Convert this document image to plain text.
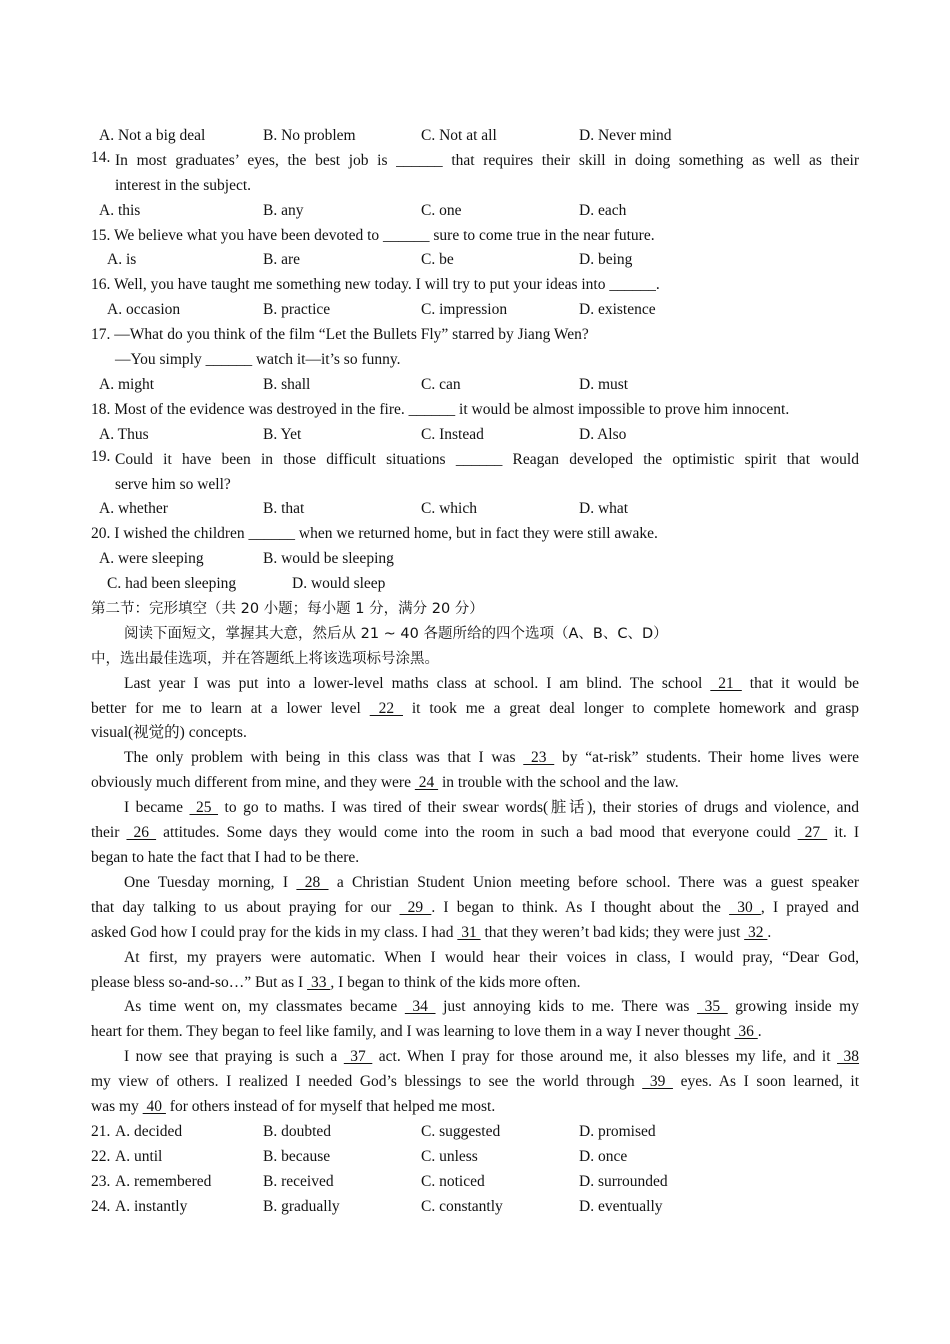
A. Not a big deal	B. No problem	C. Not at all	D. Never mind
14. In most graduates’ eyes, the best job is ______ that requires their skill in doing something as well as their
interest in the subject.
A. this	B. any	C. one	D. each
15. We believe what you have been devoted to ______ sure to come true in the near future.
A. is	B. are	C. be	D. being
16. Well, you have taught me something new today. I will try to put your ideas into ______.
A. occasion	B. practice	C. impression	D. existence
17. —What do you think of the film “Let the Bullets Fly” starred by Jiang Wen?
—You simply ______ watch it—it’s so funny.
A. might	B. shall	C. can	D. must
18. Most of the evidence was destroyed in the fire. ______ it would be almost impossible to prove him innocent.
A. Thus	B. Yet	C. Instead	D. Also
19. Could it have been in those difficult situations ______ Reagan developed the optimistic spirit that would
serve him so well?
A. whether	B. that	C. which	D. what
20. I wished the children ______ when we returned home, but in fact they were still awake.
A. were sleeping	B. would be sleeping
C. had been sleeping	D. would sleep
第二节：完形填空（共 20 小题；每小题 1 分，满分 20 分）
阅读下面短文，掌握其大意，然后从 21 ~ 40 各题所给的四个选项（A、B、C、D）
中，选出最佳选项，并在答题纸上将该选项标号涂黑。
Last year I was put into a lower-level maths class at school. I am blind. The school  21  that it would be
better for me to learn at a lower level  22  it took me a great deal longer to complete homework and grasp
visual(视觉的) concepts.
The only problem with being in this class was that I was  23  by “at-risk” students. Their home lives were
obviously much different from mine, and they were  24  in trouble with the school and the law.
I became  25  to go to maths. I was tired of their swear words(脏话), their stories of drugs and violence, and
their  26  attitudes. Some days they would come into the room in such a bad mood that everyone could  27  it. I
began to hate the fact that I had to be there.
One Tuesday morning, I  28  a Christian Student Union meeting before school. There was a guest speaker
that day talking to us about praying for our  29 . I began to think. As I thought about the  30 , I prayed and
asked God how I could pray for the kids in my class. I had  31  that they weren’t bad kids; they were just  32 .
At first, my prayers were automatic. When I would hear their voices in class, I would pray, “Dear God,
please bless so-and-so…” But as I  33 , I began to think of the kids more often.
As time went on, my classmates became  34  just annoying kids to me. There was  35  growing inside my
heart for them. They began to feel like family, and I was learning to love them in a way I never thought  36 .
I now see that praying is such a  37  act. When I pray for those around me, it also blesses my life, and it  38
my view of others. I realized I needed God’s blessings to see the world through  39  eyes. As I soon learned, it
was my  40  for others instead of for myself that helped me most.
21. A. decided	B. doubted	C. suggested	D. promised
22. A. until	B. because	C. unless	D. once
23. A. remembered	B. received	C. noticed	D. surrounded
24. A. instantly	B. gradually	C. constantly	D. eventually
